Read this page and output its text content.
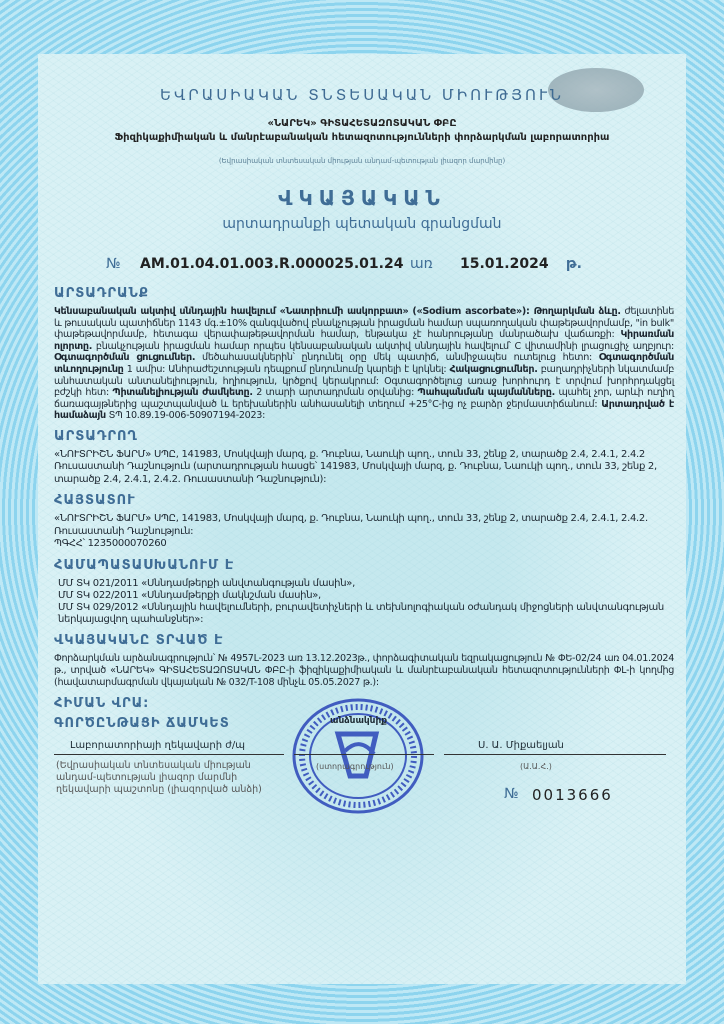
ԵՎՐԱՍԻԱԿԱՆ ՏՆՏԵՍԱԿԱՆ ՄԻՈՒԹՅՈՒՆ
«ՆԱՐԵԿ» ԳԻՏԱՀԵՏԱԶՈՏԱԿԱՆ ՓԲԸ
Ֆիզիկաքիմիական և մանրէաբանական հետազոտությունների փորձարկման լաբորատորիա
(Եվրասիական տնտեսական միության անդամ-պետության լիազոր մարմինը)
ՎԿԱՅԱԿԱՆ
արտադրանքի պետական գրանցման
№ AM.01.04.01.003.R.000025.01.24 առ 15.01.2024 թ.
ԱՐՏԱԴՐԱՆՔ
Կենսաբանական ակտիվ սննդային հավելում «Նատրիումի ասկորբատ» («Sodium ascorbate»): Թողարկման ձևը. ժելատինե և թուսական պատիճներ 1143 մգ.±10% զանգվածով բնակչության իրացման համար սպառողական փաթեթավորմամբ, "in bulk" փաթեթավորմամբ, հետագա վերափաթեթավորման համար, ենթակա չէ հանրությանը մանրածախ վաճառքի: Կիրառման ոլորտը. բնակչության իրացման համար որպես կենսաբանական ակտիվ սննդային հավելում՝ C վիտամինի լրացուցիչ աղբյուր: Օգտագործման ցուցումներ. մեծահասակներին՝ ընդունել օրը մեկ պատիճ, անմիջապես ուտելուց հետո: Օգտագործման տևողությունը 1 ամիս: Անհրաժեշտության դեպքում ընդունումը կարելի է կրկնել: Հակացուցումներ. բաղադրիչների նկատմամբ անհատական անտանելիություն, հղիություն, կրծքով կերակրում: Օգտագործելուց առաջ խորհուրդ է տրվում խորհրդակցել բժշկի հետ: Պիտանելիության ժամկետը. 2 տարի արտադրման օրվանից: Պահպանման պայմանները. պահել չոր, արևի ուղիղ ճառագայթներից պաշտպանված և երեխաներին անհասանելի տեղում +25°C-ից ոչ բարձր ջերմաստիճանում: Արտադրված է համաձայն ՏՊ 10.89.19-006-50907194-2023:
ԱՐՏԱԴՐՈՂ
«ՆՈՒՏՐԻՇՆ ՖԱՐՄ» ՍՊԸ, 141983, Մոսկվայի մարզ, ք. Դուբնա, Նաուկի պող., տուն 33, շենք 2, տարածք 2.4, 2.4.1, 2.4.2 Ռուսաստանի Դաշնություն (արտադրության հասցե՝ 141983, Մոսկվայի մարզ, ք. Դուբնա, Նաուկի պող., տուն 33, շենք 2, տարածք 2.4, 2.4.1, 2.4.2. Ռուսաստանի Դաշնություն):
ՀԱՅՏԱՏՈՒ
«ՆՈՒՏՐԻՇՆ ՖԱՐՄ» ՍՊԸ, 141983, Մոսկվայի մարզ, ք. Դուբնա, Նաուկի պող., տուն 33, շենք 2, տարածք 2.4, 2.4.1, 2.4.2. Ռուսաստանի Դաշնություն:
ՊԳՀՀ՝ 1235000070260
ՀԱՄԱՊԱՏԱՍԽԱՆՈՒՄ Է
ՄՄ ՏԿ 021/2011 «Սննդամթերքի անվտանգության մասին»,
ՄՄ ՏԿ 022/2011 «Սննդամթերքի մակնշման մասին»,
ՄՄ ՏԿ 029/2012 «Սննդային հավելումների, բուրավետիչների և տեխնոլոգիական օժանդակ միջոցների անվտանգության ներկայացվող պահանջներ»:
ՎԿԱՅԱԿԱՆԸ ՏՐՎԱԾ Է
Փորձարկման արձանագրություն՝ № 4957L-2023 առ 13.12.2023թ., փորձագիտական եզրակացություն № ՓԵ-02/24 առ 04.01.2024 թ., տրված «ՆԱՐԵԿ» ԳԻՏԱՀԵՏԱԶՈՏԱԿԱՆ ՓԲԸ-ի ֆիզիկաքիմիական և մանրէաբանական հետազոտությունների ՓԼ-ի կողմից (հավատարմագրման վկայական № 032/T-108 մինչև 05.05.2027 թ.):
ՀԻՄԱՆ ՎՐԱ:
ԳՈՐԾԸՆԹԱՑԻ ՃԱՄԿԵՏ
Լաբորատորիայի ղեկավարի ժ/պ
(Եվրասիական տնտեսական միության անդամ-պետության լիազոր մարմնի ղեկավարի պաշտոնը (լիազորված անձի)
անձնակնիք
(ստորագրություն)
Ս. Ա. Միքաելյան
(Ա.Ա.Հ.)
№ 0013666
